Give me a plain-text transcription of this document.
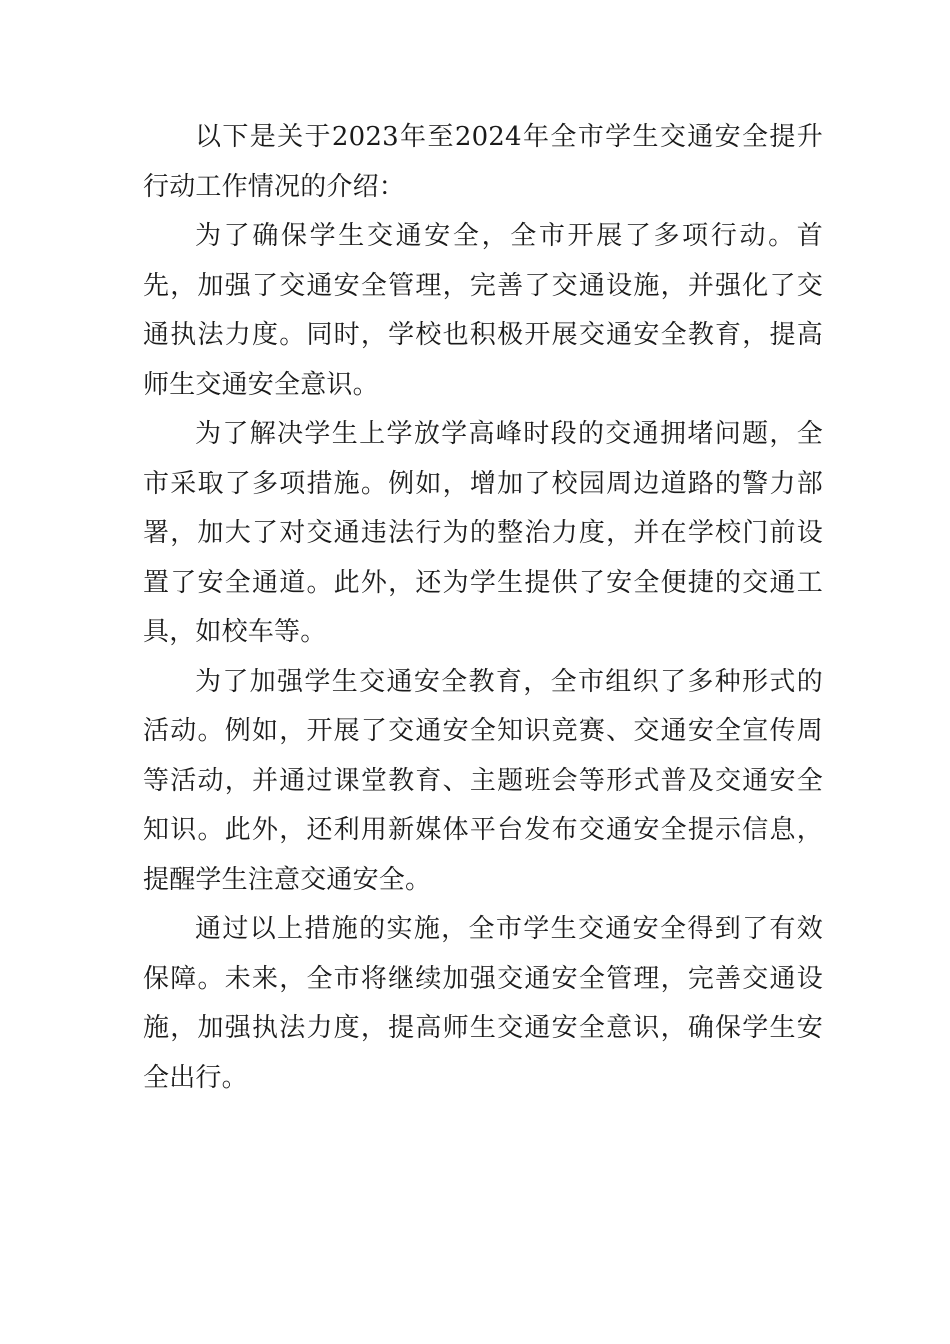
以下是关于2023年至2024年全市学生交通安全提升行动工作情况的介绍：

为了确保学生交通安全，全市开展了多项行动。首先，加强了交通安全管理，完善了交通设施，并强化了交通执法力度。同时，学校也积极开展交通安全教育，提高师生交通安全意识。

为了解决学生上学放学高峰时段的交通拥堵问题，全市采取了多项措施。例如，增加了校园周边道路的警力部署，加大了对交通违法行为的整治力度，并在学校门前设置了安全通道。此外，还为学生提供了安全便捷的交通工具，如校车等。

为了加强学生交通安全教育，全市组织了多种形式的活动。例如，开展了交通安全知识竞赛、交通安全宣传周等活动，并通过课堂教育、主题班会等形式普及交通安全知识。此外，还利用新媒体平台发布交通安全提示信息，提醒学生注意交通安全。

通过以上措施的实施，全市学生交通安全得到了有效保障。未来，全市将继续加强交通安全管理，完善交通设施，加强执法力度，提高师生交通安全意识，确保学生安全出行。
